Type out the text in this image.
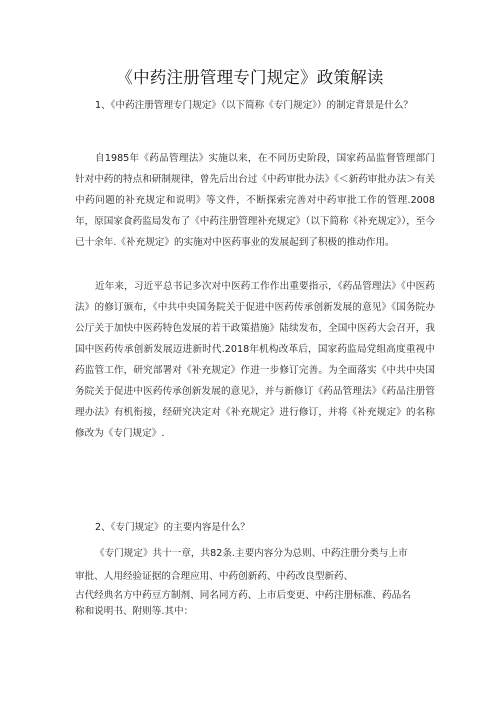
《中药注册管理专门规定》政策解读
1、《中药注册管理专门规定》（以下简称《专门规定》）的制定背景是什么？
自1985年《药品管理法》实施以来，在不同历史阶段，国家药品监督管理部门针对中药的特点和研制规律，曾先后出台过《中药审批办法》《＜新药审批办法＞有关中药问题的补充规定和说明》等文件，不断探索完善对中药审批工作的管理.2008年，原国家食药监局发布了《中药注册管理补充规定》（以下简称《补充规定》），至今已十余年.《补充规定》的实施对中医药事业的发展起到了积极的推动作用。
近年来，习近平总书记多次对中医药工作作出重要指示，《药品管理法》《中医药法》的修订颁布，《中共中央国务院关于促进中医药传承创新发展的意见》《国务院办公厅关于加快中医药特色发展的若干政策措施》陆续发布，全国中医药大会召开，我国中医药传承创新发展迈进新时代.2018年机构改革后，国家药监局党组高度重视中药监管工作，研究部署对《补充规定》作进一步修订完善。为全面落实《中共中央国务院关于促进中医药传承创新发展的意见》，并与新修订《药品管理法》《药品注册管理办法》有机衔接，经研究决定对《补充规定》进行修订，并将《补充规定》的名称修改为《专门规定》.
2、《专门规定》的主要内容是什么？
《专门规定》共十一章，共82条.主要内容分为总则、中药注册分类与上市
审批、人用经验证据的合理应用、中药创新药、中药改良型新药、
古代经典名方中药豆方制剂、同名同方药、上市后变更、中药注册标准、药品名
称和说明书、附则等.其中：
